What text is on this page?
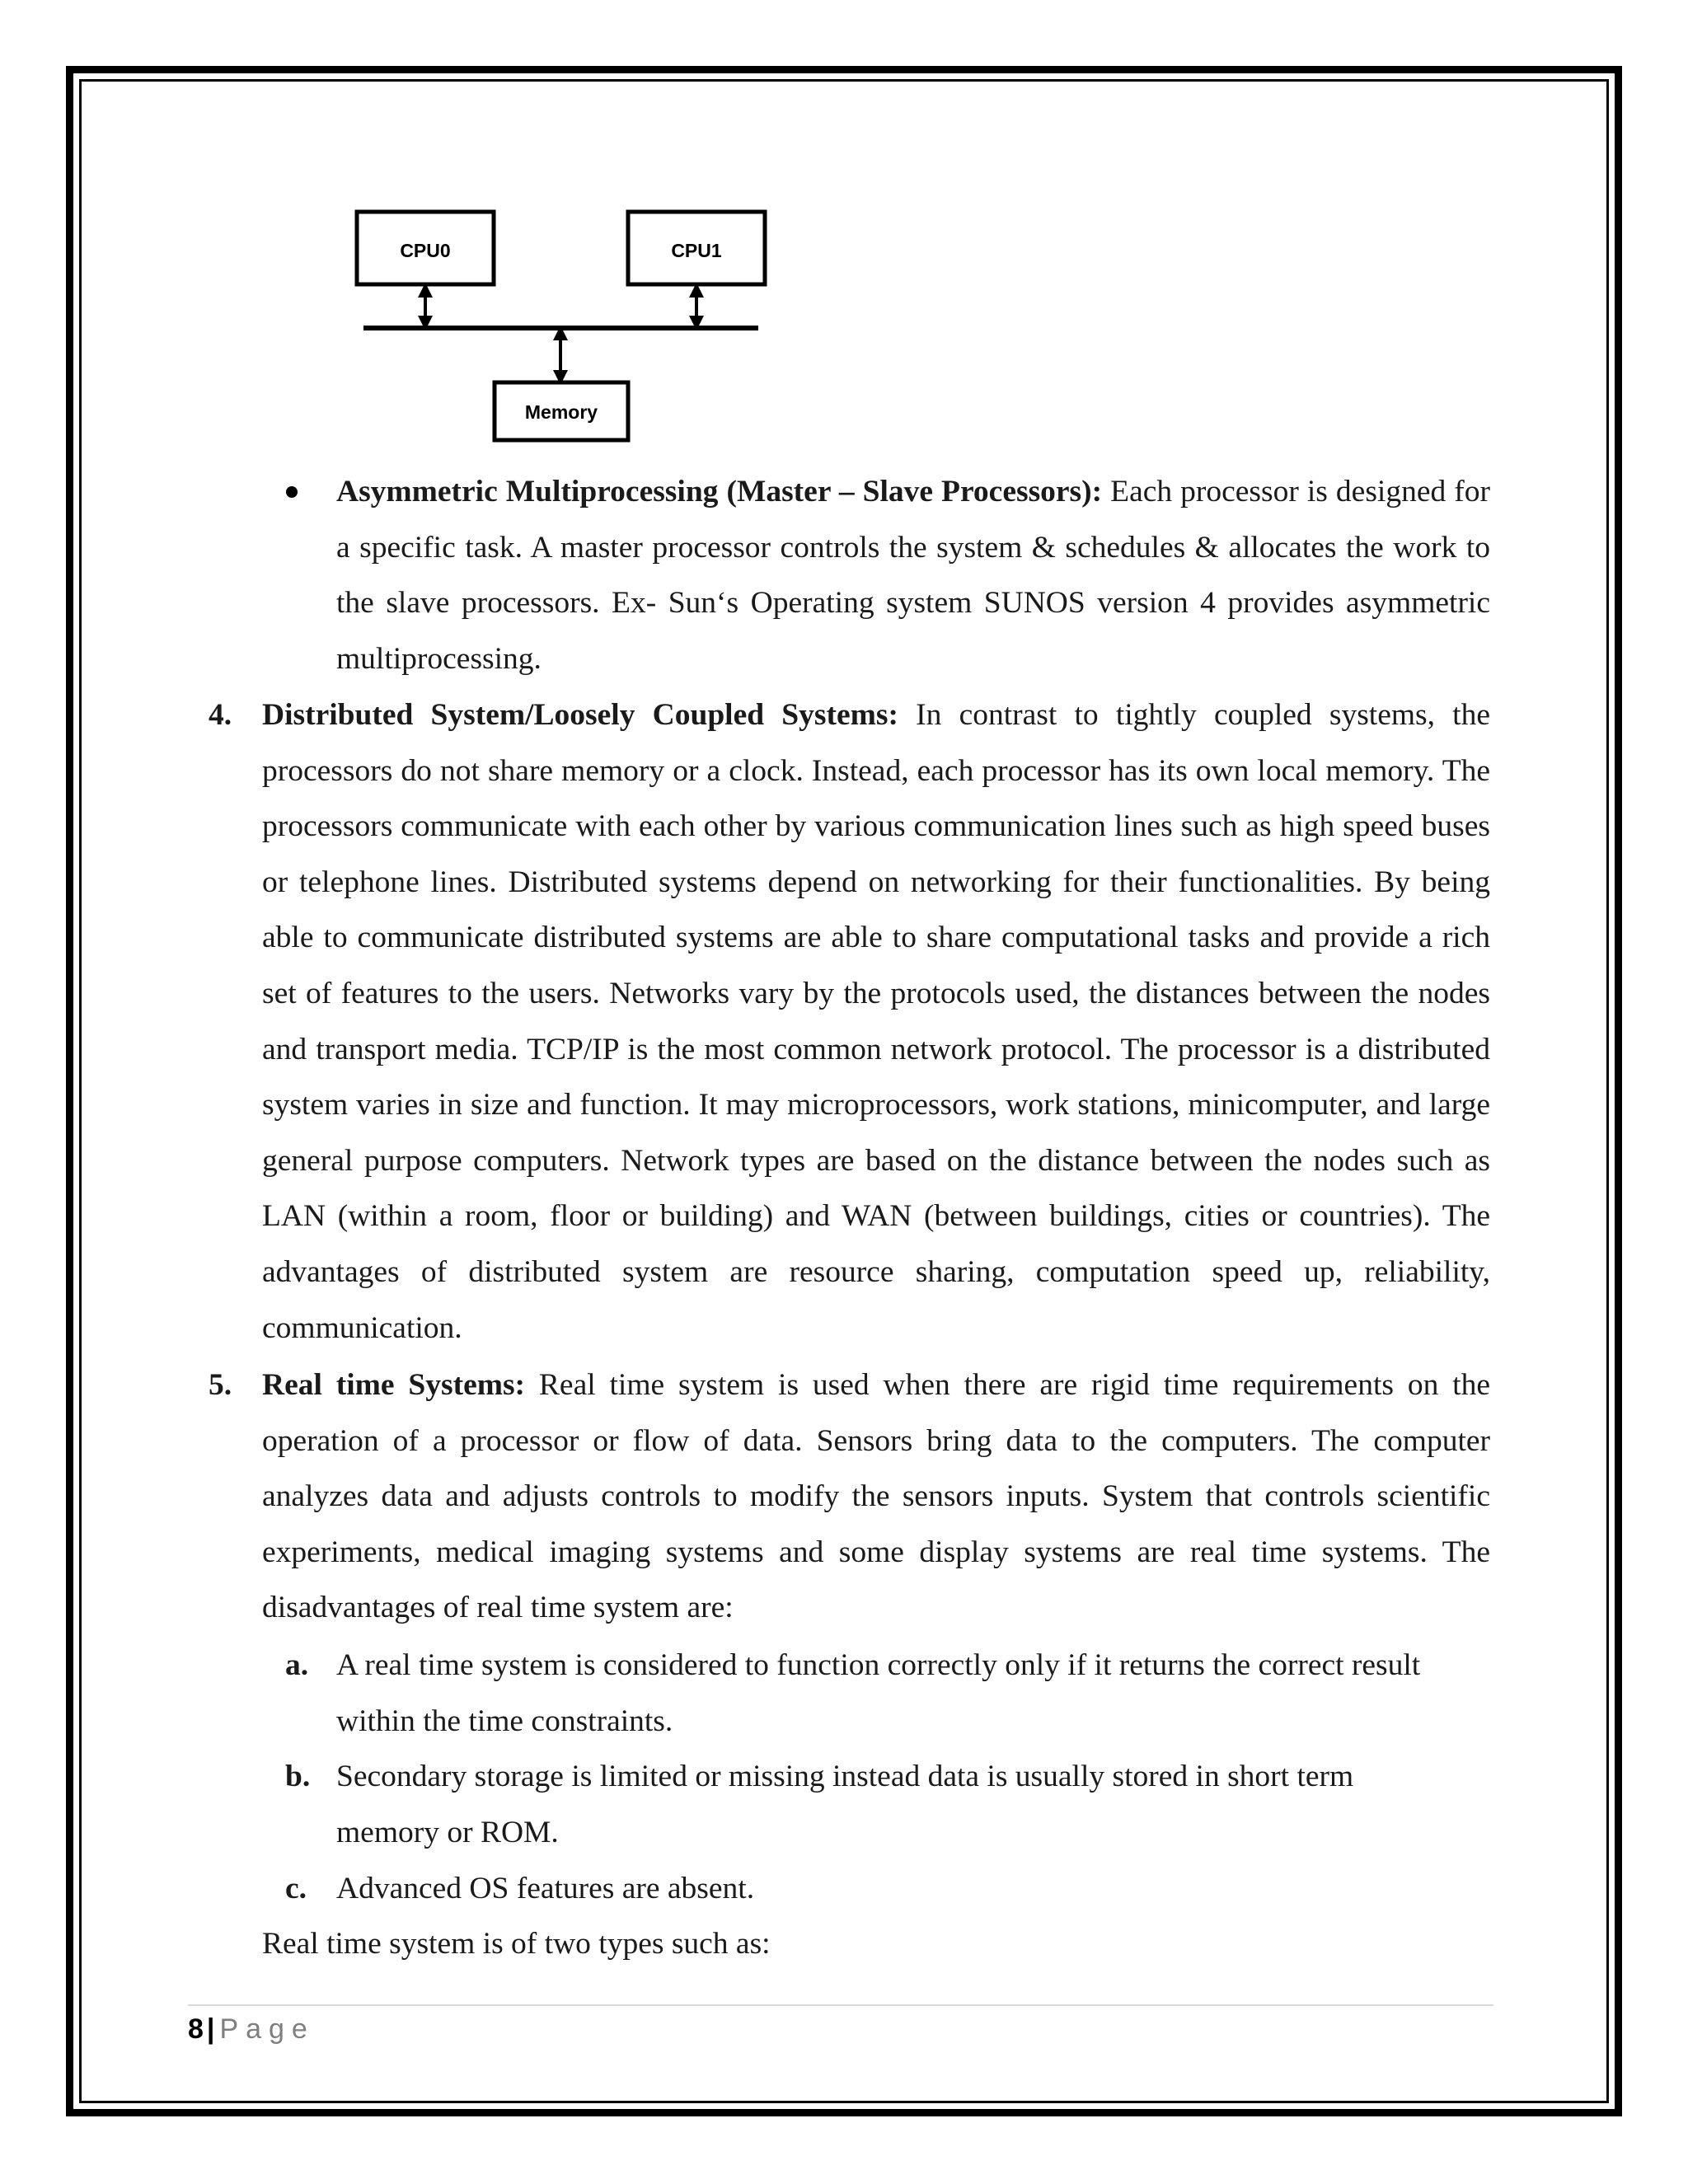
CPU0	CPU1
Memory
Asymmetric Multiprocessing (Master – Slave Processors): Each processor is designed for a specific task. A master processor controls the system & schedules & allocates the work to the slave processors. Ex- Sun‘s Operating system SUNOS version 4 provides asymmetric multiprocessing.
4. Distributed System/Loosely Coupled Systems: In contrast to tightly coupled systems, the processors do not share memory or a clock. Instead, each processor has its own local memory. The processors communicate with each other by various communication lines such as high speed buses or telephone lines. Distributed systems depend on networking for their functionalities. By being able to communicate distributed systems are able to share computational tasks and provide a rich set of features to the users. Networks vary by the protocols used, the distances between the nodes and transport media. TCP/IP is the most common network protocol. The processor is a distributed system varies in size and function. It may microprocessors, work stations, minicomputer, and large general purpose computers. Network types are based on the distance between the nodes such as LAN (within a room, floor or building) and WAN (between buildings, cities or countries). The advantages of distributed system are resource sharing, computation speed up, reliability, communication.
5. Real time Systems: Real time system is used when there are rigid time requirements on the operation of a processor or flow of data. Sensors bring data to the computers. The computer analyzes data and adjusts controls to modify the sensors inputs. System that controls scientific experiments, medical imaging systems and some display systems are real time systems. The disadvantages of real time system are:
a. A real time system is considered to function correctly only if it returns the correct result
within the time constraints.
b. Secondary storage is limited or missing instead data is usually stored in short term
memory or ROM.
c. Advanced OS features are absent.
Real time system is of two types such as:
8 | Page
